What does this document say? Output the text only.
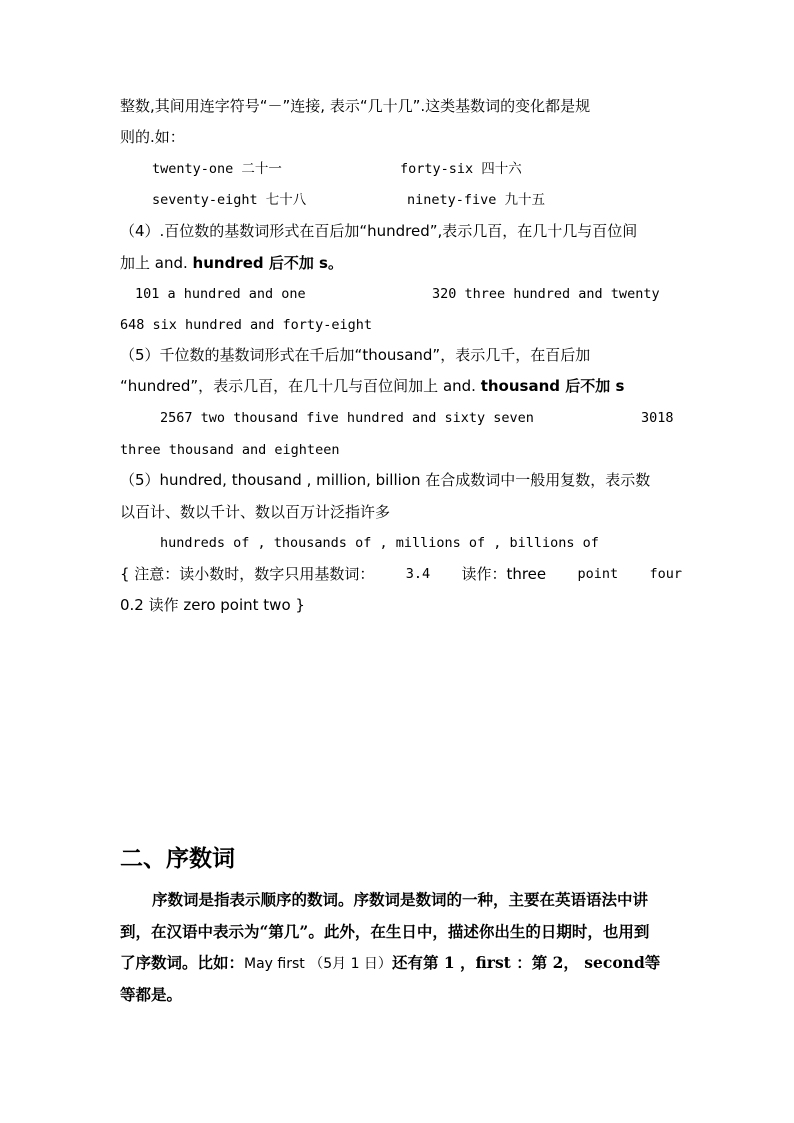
整数,其间用连字符号“－”连接, 表示“几十几”.这类基数词的变化都是规
则的.如：
twenty-one 二十一	forty-six 四十六
seventy-eight 七十八	ninety-five 九十五
（4）.百位数的基数词形式在百后加“hundred”,表示几百，在几十几与百位间
加上 and. hundred 后不加 s。
101 a hundred and one	320 three hundred and twenty
648 six hundred and forty-eight
（5）千位数的基数词形式在千后加“thousand”，表示几千，在百后加
“hundred”，表示几百，在几十几与百位间加上 and. thousand 后不加 s
2567 two thousand five hundred and sixty seven	3018
three thousand and eighteen
（5）hundred, thousand , million, billion 在合成数词中一般用复数，表示数
以百计、数以千计、数以百万计泛指许多
hundreds of , thousands of , millions of , billions of
{ 注意：读小数时，数字只用基数词： 3.4 读作：three point four
0.2 读作 zero point two }
二、序数词
序数词是指表示顺序的数词。序数词是数词的一种，主要在英语语法中讲
到，在汉语中表示为“第几”。此外，在生日中，描述你出生的日期时，也用到
了序数词。比如：May first （5月 1 日）还有第 1 ，first ：第 2， second等
等都是。
